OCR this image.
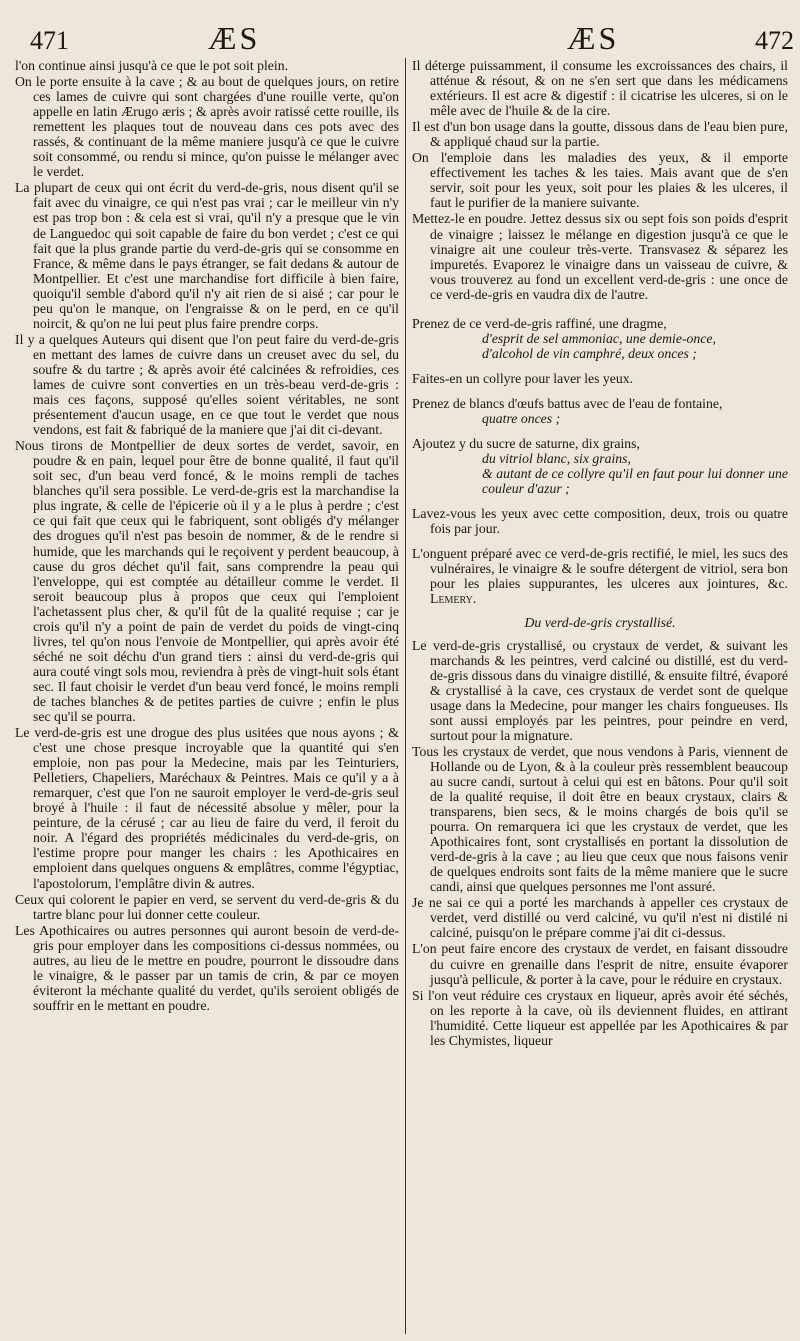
471	ÆS	ÆS	472

l'on continue ainsi jusqu'à ce que le pot soit plein.

On le porte ensuite à la cave ; & au bout de quelques jours, on retire ces lames de cuivre qui sont chargées d'une rouille verte, qu'on appelle en latin Ærugo æris ; & après avoir ratissé cette rouille, ils remettent les plaques tout de nouveau dans ces pots avec des rassés, & continuant de la même maniere jusqu'à ce que le cuivre soit consommé, ou rendu si mince, qu'on puisse le mélanger avec le verdet.

La plupart de ceux qui ont écrit du verd-de-gris, nous disent qu'il se fait avec du vinaigre, ce qui n'est pas vrai ; car le meilleur vin n'y est pas trop bon : & cela est si vrai, qu'il n'y a presque que le vin de Languedoc qui soit capable de faire du bon verdet ; c'est ce qui fait que la plus grande partie du verd-de-gris qui se consomme en France, & même dans le pays étranger, se fait dedans & autour de Montpellier. Et c'est une marchandise fort difficile à bien faire, quoiqu'il semble d'abord qu'il n'y ait rien de si aisé ; car pour le peu qu'on le manque, on l'engraisse & on le perd, en ce qu'il noircit, & qu'on ne lui peut plus faire prendre corps.

Il y a quelques Auteurs qui disent que l'on peut faire du verd-de-gris en mettant des lames de cuivre dans un creuset avec du sel, du soufre & du tartre ; & après avoir été calcinées & refroidies, ces lames de cuivre sont converties en un très-beau verd-de-gris : mais ces façons, supposé qu'elles soient véritables, ne sont présentement d'aucun usage, en ce que tout le verdet que nous vendons, est fait & fabriqué de la maniere que j'ai dit ci-devant.

Nous tirons de Montpellier de deux sortes de verdet, savoir, en poudre & en pain, lequel pour être de bonne qualité, il faut qu'il soit sec, d'un beau verd foncé, & le moins rempli de taches blanches qu'il sera possible. Le verd-de-gris est la marchandise la plus ingrate, & celle de l'épicerie où il y a le plus à perdre ; c'est ce qui fait que ceux qui le fabriquent, sont obligés d'y mélanger des drogues qu'il n'est pas besoin de nommer, & de le rendre si humide, que les marchands qui le reçoivent y perdent beaucoup, à cause du gros déchet qu'il fait, sans comprendre la peau qui l'enveloppe, qui est comptée au détailleur comme le verdet. Il seroit beaucoup plus à propos que ceux qui l'emploient l'achetassent plus cher, & qu'il fût de la qualité requise ; car je crois qu'il n'y a point de pain de verdet du poids de vingt-cinq livres, tel qu'on nous l'envoie de Montpellier, qui après avoir été séché ne soit déchu d'un grand tiers : ainsi du verd-de-gris qui aura couté vingt sols mou, reviendra à près de vingt-huit sols étant sec. Il faut choisir le verdet d'un beau verd foncé, le moins rempli de taches blanches & de petites parties de cuivre ; enfin le plus sec qu'il se pourra.

Le verd-de-gris est une drogue des plus usitées que nous ayons ; & c'est une chose presque incroyable que la quantité qui s'en emploie, non pas pour la Medecine, mais par les Teinturiers, Pelletiers, Chapeliers, Maréchaux & Peintres. Mais ce qu'il y a à remarquer, c'est que l'on ne sauroit employer le verd-de-gris seul broyé à l'huile : il faut de nécessité absolue y mêler, pour la peinture, de la cérusé ; car au lieu de faire du verd, il feroit du noir. A l'égard des propriétés médicinales du verd-de-gris, on l'estime propre pour manger les chairs : les Apothicaires en emploient dans quelques onguens & emplâtres, comme l'égyptiac, l'apostolorum, l'emplâtre divin & autres.

Ceux qui colorent le papier en verd, se servent du verd-de-gris & du tartre blanc pour lui donner cette couleur.

Les Apothicaires ou autres personnes qui auront besoin de verd-de-gris pour employer dans les compositions ci-dessus nommées, ou autres, au lieu de le mettre en poudre, pourront le dissoudre dans le vinaigre, & le passer par un tamis de crin, & par ce moyen éviteront la méchante qualité du verdet, qu'ils seroient obligés de souffrir en le mettant en poudre.

Il déterge puissamment, il consume les excroissances des chairs, il atténue & résout, & on ne s'en sert que dans les médicamens extérieurs. Il est acre & digestif : il cicatrise les ulceres, si on le mêle avec de l'huile & de la cire.

Il est d'un bon usage dans la goutte, dissous dans de l'eau bien pure, & appliqué chaud sur la partie.

On l'emploie dans les maladies des yeux, & il emporte effectivement les taches & les taies. Mais avant que de s'en servir, soit pour les yeux, soit pour les plaies & les ulceres, il faut le purifier de la maniere suivante.

Mettez-le en poudre. Jettez dessus six ou sept fois son poids d'esprit de vinaigre ; laissez le mélange en digestion jusqu'à ce que le vinaigre ait une couleur très-verte. Transvasez & séparez les impuretés. Evaporez le vinaigre dans un vaisseau de cuivre, & vous trouverez au fond un excellent verd-de-gris : une once de ce verd-de-gris en vaudra dix de l'autre.

Prenez de ce verd-de-gris raffiné, une dragme,

d'esprit de sel ammoniac, une demie-once,
d'alcohol de vin camphré, deux onces ;

Faites-en un collyre pour laver les yeux.

Prenez de blancs d'œufs battus avec de l'eau de fontaine,

quatre onces ;

Ajoutez y du sucre de saturne, dix grains,

du vitriol blanc, six grains,
& autant de ce collyre qu'il en faut pour lui donner une couleur d'azur ;

Lavez-vous les yeux avec cette composition, deux, trois ou quatre fois par jour.

L'onguent préparé avec ce verd-de-gris rectifié, le miel, les sucs des vulnéraires, le vinaigre & le soufre détergent de vitriol, sera bon pour les plaies suppurantes, les ulceres aux jointures, &c. Lemery.

Du verd-de-gris crystallisé.

Le verd-de-gris crystallisé, ou crystaux de verdet, & suivant les marchands & les peintres, verd calciné ou distillé, est du verd-de-gris dissous dans du vinaigre distillé, & ensuite filtré, évaporé & crystallisé à la cave, ces crystaux de verdet sont de quelque usage dans la Medecine, pour manger les chairs fongueuses. Ils sont aussi employés par les peintres, pour peindre en verd, surtout pour la mignature.

Tous les crystaux de verdet, que nous vendons à Paris, viennent de Hollande ou de Lyon, & à la couleur près ressemblent beaucoup au sucre candi, surtout à celui qui est en bâtons. Pour qu'il soit de la qualité requise, il doit être en beaux crystaux, clairs & transparens, bien secs, & le moins chargés de bois qu'il se pourra. On remarquera ici que les crystaux de verdet, que les Apothicaires font, sont crystallisés en portant la dissolution de verd-de-gris à la cave ; au lieu que ceux que nous faisons venir de quelques endroits sont faits de la même maniere que le sucre candi, ainsi que quelques personnes me l'ont assuré.

Je ne sai ce qui a porté les marchands à appeller ces crystaux de verdet, verd distillé ou verd calciné, vu qu'il n'est ni distilé ni calciné, puisqu'on le prépare comme j'ai dit ci-dessus.

L'on peut faire encore des crystaux de verdet, en faisant dissoudre du cuivre en grenaille dans l'esprit de nitre, ensuite évaporer jusqu'à pellicule, & porter à la cave, pour le réduire en crystaux.

Si l'on veut réduire ces crystaux en liqueur, après avoir été séchés, on les reporte à la cave, où ils deviennent fluides, en attirant l'humidité. Cette liqueur est appellée par les Apothicaires & par les Chymistes, liqueur
